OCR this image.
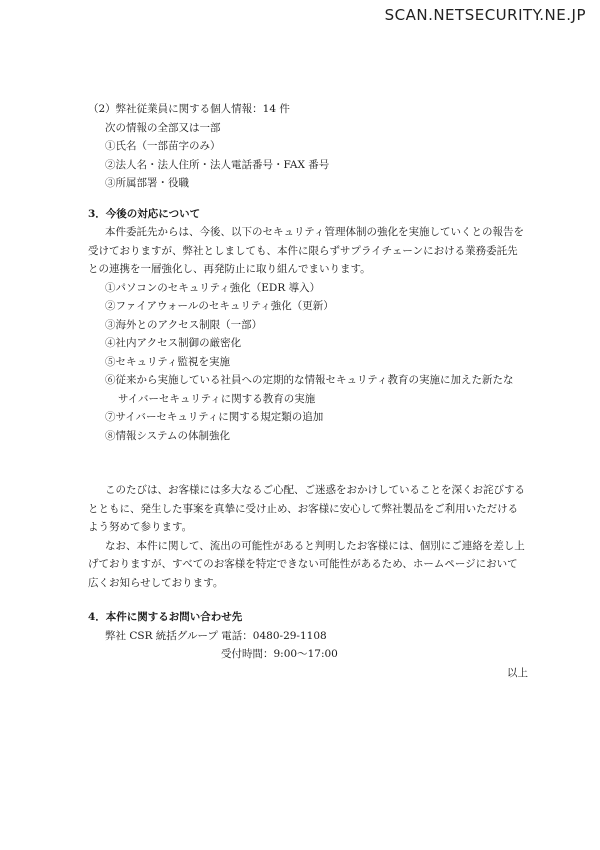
SCAN.NETSECURITY.NE.JP
（2）弊社従業員に関する個人情報：14 件
次の情報の全部又は一部
①氏名（一部苗字のみ）
②法人名・法人住所・法人電話番号・FAX 番号
③所属部署・役職
3．今後の対応について
本件委託先からは、今後、以下のセキュリティ管理体制の強化を実施していくとの報告を
受けておりますが、弊社としましても、本件に限らずサプライチェーンにおける業務委託先
との連携を一層強化し、再発防止に取り組んでまいります。
①パソコンのセキュリティ強化（EDR 導入）
②ファイアウォールのセキュリティ強化（更新）
③海外とのアクセス制限（一部）
④社内アクセス制御の厳密化
⑤セキュリティ監視を実施
⑥従来から実施している社員への定期的な情報セキュリティ教育の実施に加えた新たな
サイバーセキュリティに関する教育の実施
⑦サイバーセキュリティに関する規定類の追加
⑧情報システムの体制強化
このたびは、お客様には多大なるご心配、ご迷惑をおかけしていることを深くお詫びする
とともに、発生した事案を真摯に受け止め、お客様に安心して弊社製品をご利用いただける
よう努めて参ります。
なお、本件に関して、流出の可能性があると判明したお客様には、個別にご連絡を差し上
げておりますが、すべてのお客様を特定できない可能性があるため、ホームページにおいて
広くお知らせしております。
4．本件に関するお問い合わせ先
弊社 CSR 統括グループ 電話：0480-29-1108
受付時間：9:00〜17:00
以上
